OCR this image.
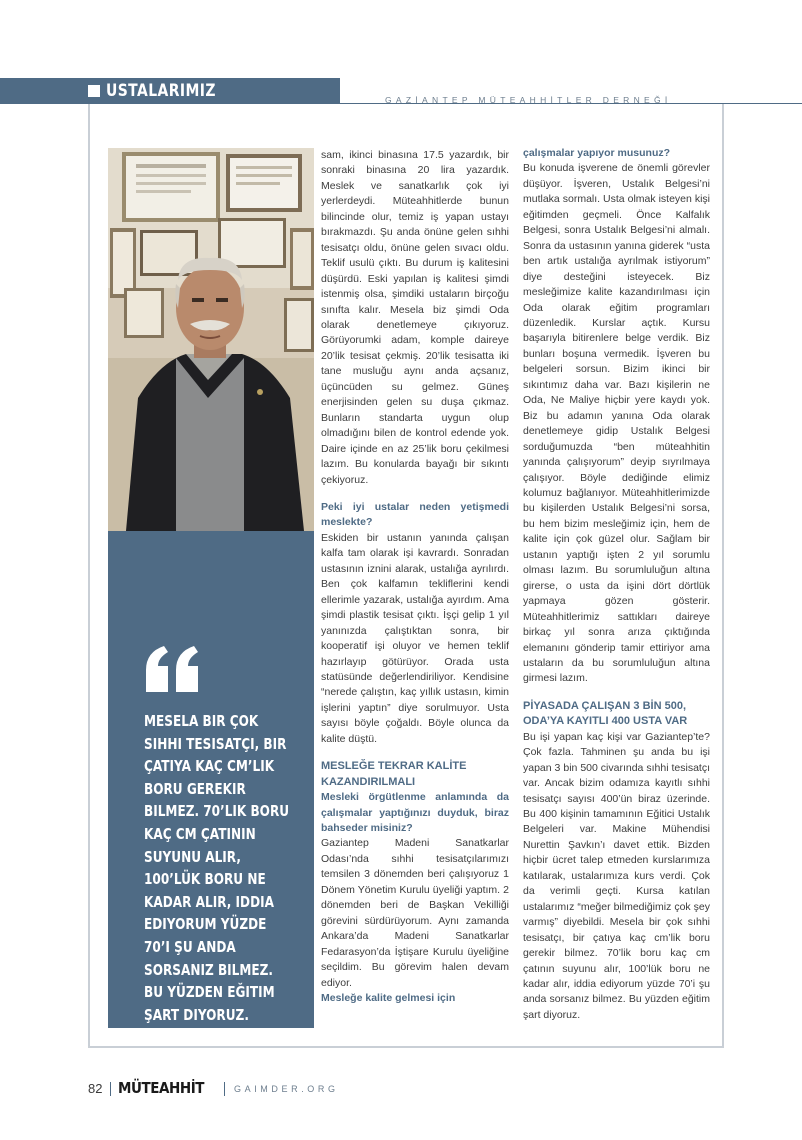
USTALARIMIZ	GAZİANTEP MÜTEAHHİTLER DERNEĞİ
MESELA BIR ÇOK SIHHI TESISATÇI, BIR ÇATIYA KAÇ CM’LIK BORU GEREKIR BILMEZ. 70’LIK BORU KAÇ CM ÇATININ SUYUNU ALIR, 100’LÜK BORU NE KADAR ALIR, IDDIA EDIYORUM YÜZDE 70’I ŞU ANDA SORSANIZ BILMEZ. BU YÜZDEN EĞITIM ŞART DIYORUZ.

sam, ikinci binasına 17.5 yazardık, bir sonraki binasına 20 lira yazardık. Meslek ve sanatkarlık çok iyi yerlerdeydi. Müteahhitlerde bunun bilincinde olur, temiz iş yapan ustayı bırakmazdı. Şu anda önüne gelen sıhhi tesisatçı oldu, önüne gelen sıvacı oldu. Teklif usulü çıktı. Bu durum iş kalitesini düşürdü. Eski yapılan iş kalitesi şimdi istenmiş olsa, şimdiki ustaların birçoğu sınıfta kalır. Mesela biz şimdi Oda olarak denetlemeye çıkıyoruz. Görüyorumki adam, komple daireye 20’lik tesisat çekmiş. 20’lik tesisatta iki tane musluğu aynı anda açsanız, üçüncüden su gelmez. Güneş enerjisinden gelen su duşa çıkmaz. Bunların standarta uygun olup olmadığını bilen de kontrol edende yok. Daire içinde en az 25’lik boru çekilmesi lazım. Bu konularda bayağı bir sıkıntı çekiyoruz.

Peki iyi ustalar neden yetişmedi meslekte?

Eskiden bir ustanın yanında çalışan kalfa tam olarak işi kavrardı. Sonradan ustasının iznini alarak, ustalığa ayrılırdı. Ben çok kalfamın tekliflerini kendi ellerimle yazarak, ustalığa ayırdım. Ama şimdi plastik tesisat çıktı. İşçi gelip 1 yıl yanınızda çalıştıktan sonra, bir kooperatif işi oluyor ve hemen teklif hazırlayıp götürüyor. Orada usta statüsünde değerlendiriliyor. Kendisine “nerede çalıştın, kaç yıllık ustasın, kimin işlerini yaptın” diye sorulmuyor. Usta sayısı böyle çoğaldı. Böyle olunca da kalite düştü.

MESLEĞE TEKRAR KALİTE KAZANDIRILMALI

Mesleki örgütlenme anlamında da çalışmalar yaptığınızı duyduk, biraz bahseder misiniz?

Gaziantep Madeni Sanatkarlar Odası’nda sıhhi tesisatçılarımızı temsilen 3 dönemden beri çalışıyoruz 1 Dönem Yönetim Kurulu üyeliği yaptım. 2 dönemden beri de Başkan Vekilliği görevini sürdürüyorum. Aynı zamanda Ankara’da Madeni Sanatkarlar Fedarasyon’da İştişare Kurulu üyeliğine seçildim. Bu görevim halen devam ediyor.

Mesleğe kalite gelmesi için

çalışmalar yapıyor musunuz?

Bu konuda işverene de önemli görevler düşüyor. İşveren, Ustalık Belgesi’ni mutlaka sormalı. Usta olmak isteyen kişi eğitimden geçmeli. Önce Kalfalık Belgesi, sonra Ustalık Belgesi’ni almalı. Sonra da ustasının yanına giderek “usta ben artık ustalığa ayrılmak istiyorum” diye desteğini isteyecek. Biz mesleğimize kalite kazandırılması için Oda olarak eğitim programları düzenledik. Kurslar açtık. Kursu başarıyla bitirenlere belge verdik. Biz bunları boşuna vermedik. İşveren bu belgeleri sorsun. Bizim ikinci bir sıkıntımız daha var. Bazı kişilerin ne Oda, Ne Maliye hiçbir yere kaydı yok. Biz bu adamın yanına Oda olarak denetlemeye gidip Ustalık Belgesi sorduğumuzda “ben müteahhitin yanında çalışıyorum” deyip sıyrılmaya çalışıyor. Böyle dediğinde elimiz kolumuz bağlanıyor. Müteahhitlerimizde bu kişilerden Ustalık Belgesi’ni sorsa, bu hem bizim mesleğimiz için, hem de kalite için çok güzel olur. Sağlam bir ustanın yaptığı işten 2 yıl sorumlu olması lazım. Bu sorumluluğun altına girerse, o usta da işini dört dörtlük yapmaya gözen gösterir. Müteahhitlerimiz sattıkları daireye birkaç yıl sonra arıza çıktığında elemanını gönderip tamir ettiriyor ama ustaların da bu sorumluluğun altına girmesi lazım.

PİYASADA ÇALIŞAN 3 BİN 500, ODA’YA KAYITLI 400 USTA VAR

Bu işi yapan kaç kişi var Gaziantep’te? Çok fazla. Tahminen şu anda bu işi yapan 3 bin 500 civarında sıhhi tesisatçı var. Ancak bizim odamıza kayıtlı sıhhi tesisatçı sayısı 400’ün biraz üzerinde. Bu 400 kişinin tamamının Eğitici Ustalık Belgeleri var. Makine Mühendisi Nurettin Şavkın’ı davet ettik. Bizden hiçbir ücret talep etmeden kurslarımıza katılarak, ustalarımıza kurs verdi. Çok da verimli geçti. Kursa katılan ustalarımız “meğer bilmediğimiz çok şey varmış” diyebildi. Mesela bir çok sıhhi tesisatçı, bir çatıya kaç cm’lik boru gerekir bilmez. 70’lik boru kaç cm çatının suyunu alır, 100’lük boru ne kadar alır, iddia ediyorum yüzde 70’i şu anda sorsanız bilmez. Bu yüzden eğitim şart diyoruz.

82 MÜTEAHHİT	GAIMDER.ORG
